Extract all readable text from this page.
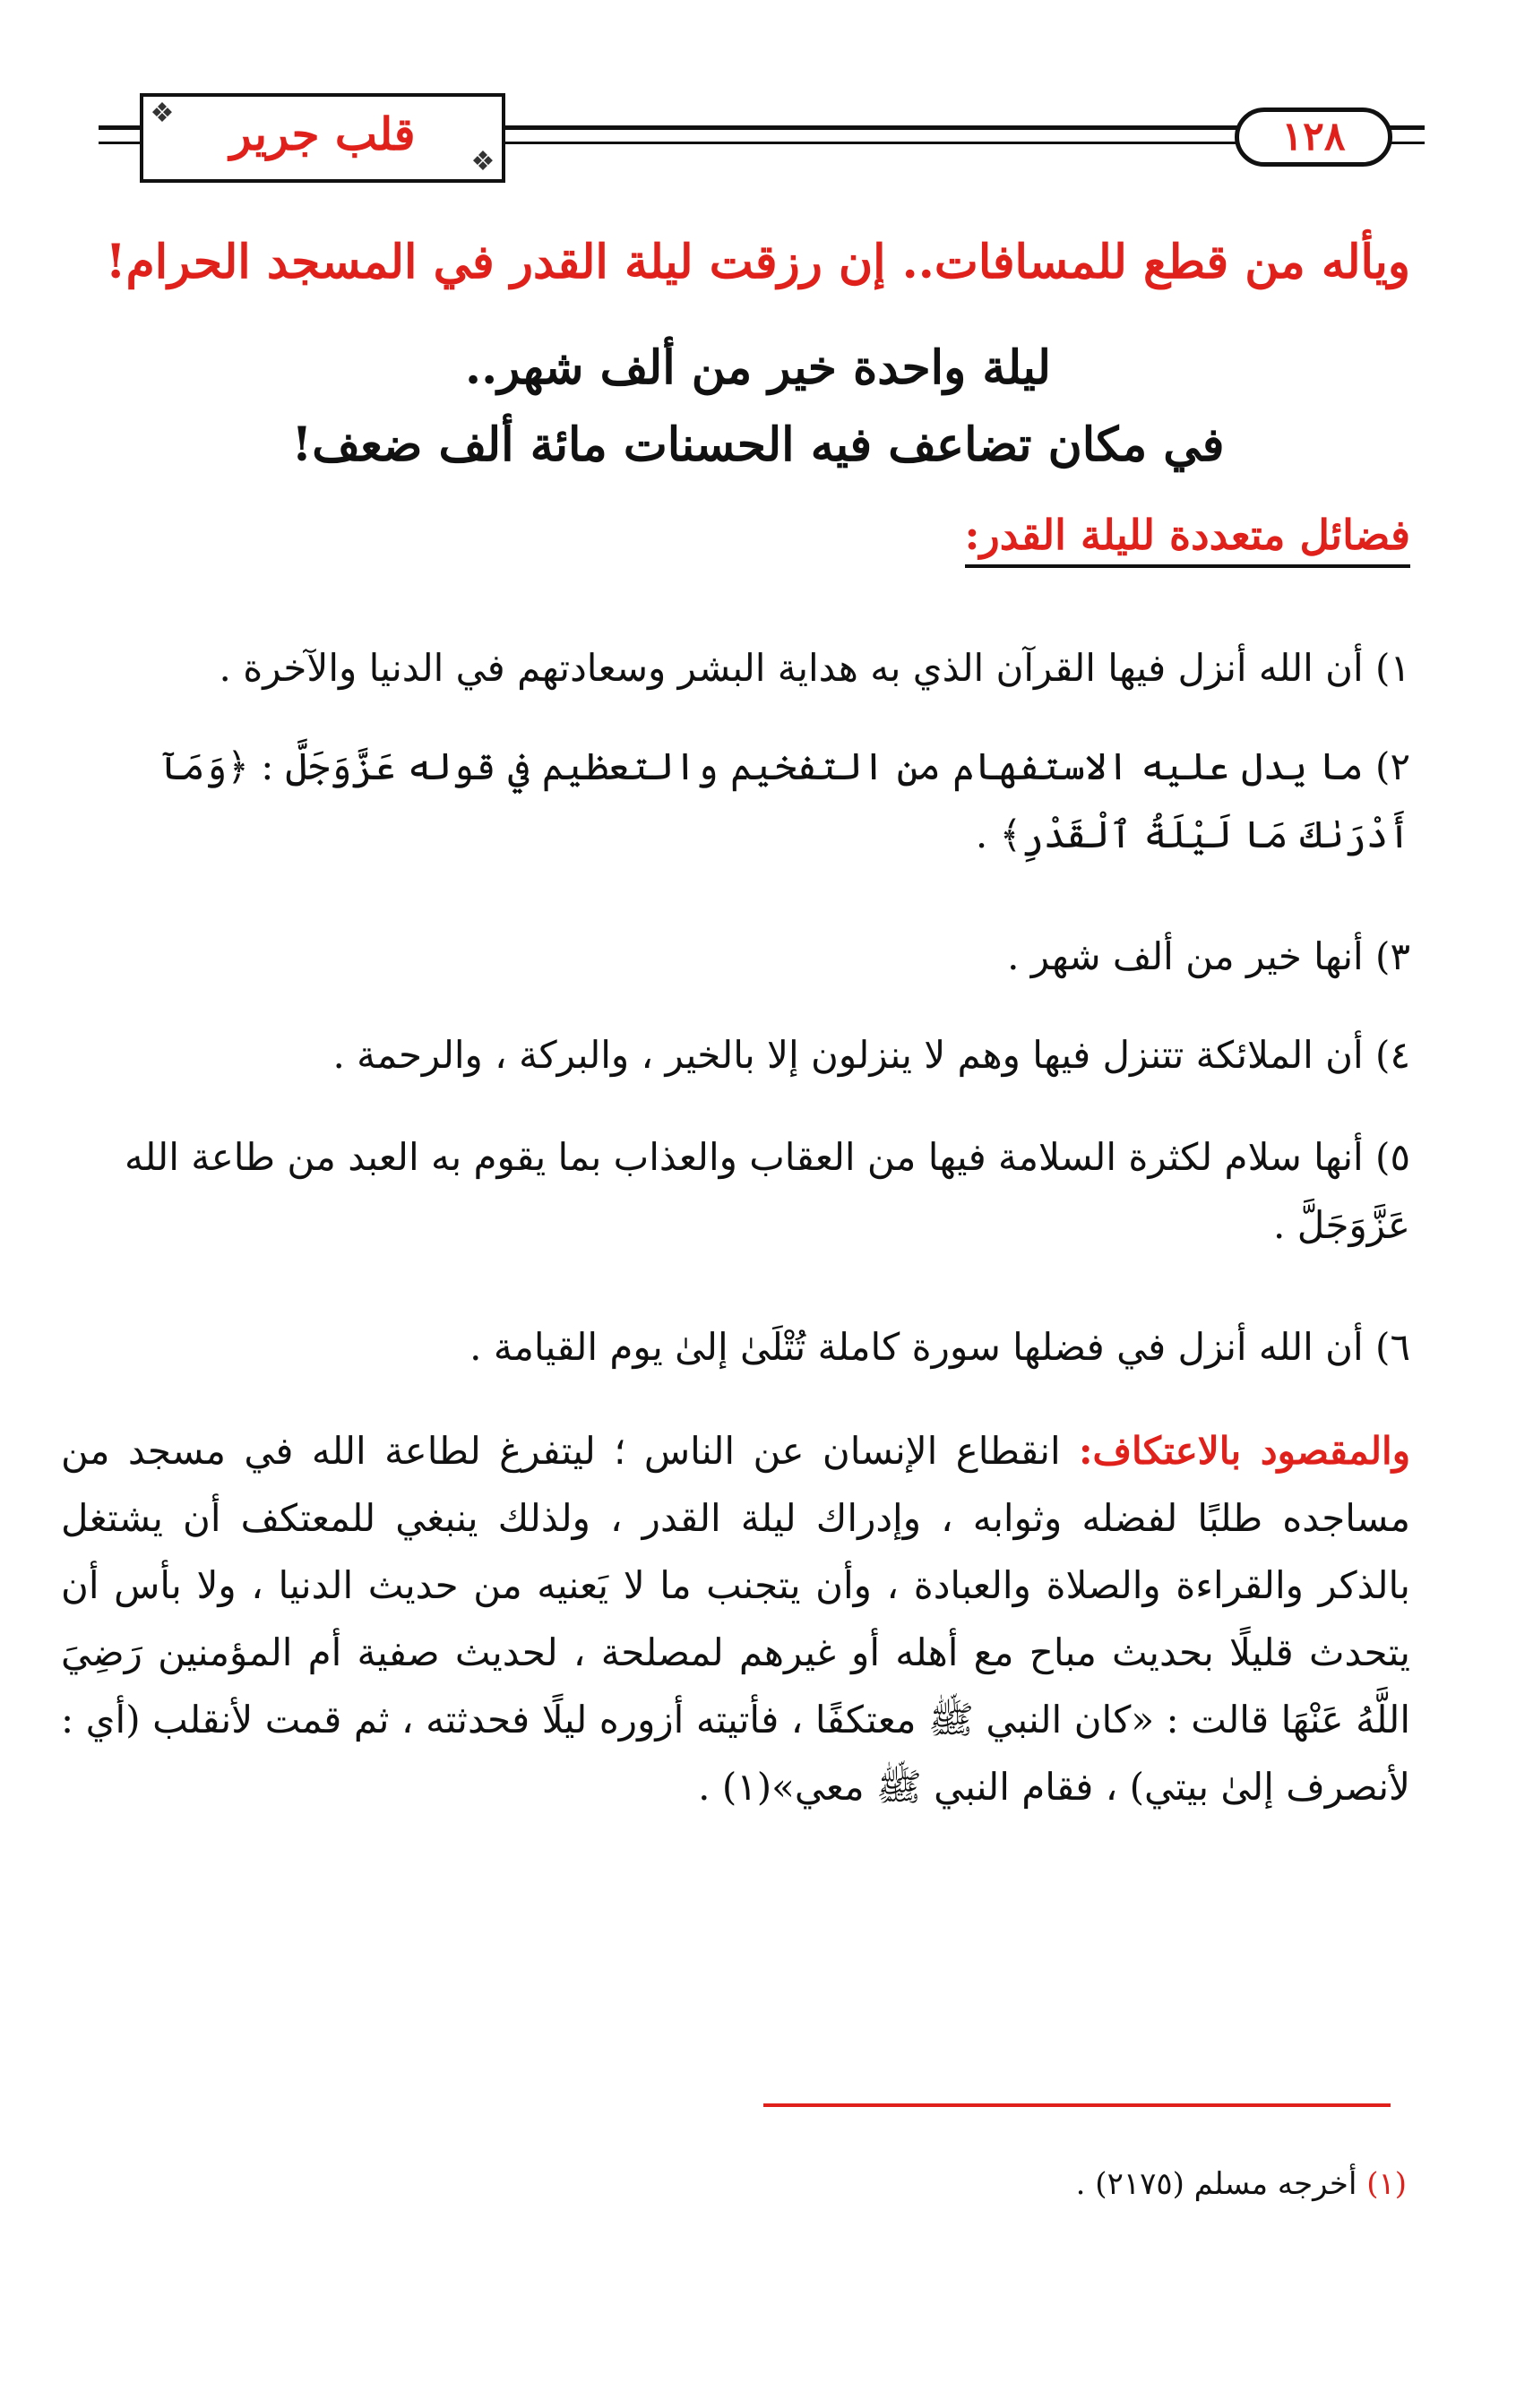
❖
❖
قلب جرير	١٢٨
ويأله من قطع للمسافات.. إن رزقت ليلة القدر في المسجد الحرام!
ليلة واحدة خير من ألف شهر..
في مكان تضاعف فيه الحسنات مائة ألف ضعف!
فضائل متعددة لليلة القدر:
١) أن الله أنزل فيها القرآن الذي به هداية البشر وسعادتهم في الدنيا والآخرة .
٢) ما يدل عليه الاستفهام من التفخيم والتعظيم في قوله عَزَّوَجَلَّ : ﴿وَمَآ أَدْرَىٰكَ مَا لَيْلَةُ ٱلْقَدْرِ﴾ .
٣) أنها خير من ألف شهر .
٤) أن الملائكة تتنزل فيها وهم لا ينزلون إلا بالخير ، والبركة ، والرحمة .
٥) أنها سلام لكثرة السلامة فيها من العقاب والعذاب بما يقوم به العبد من طاعة الله عَزَّوَجَلَّ .
٦) أن الله أنزل في فضلها سورة كاملة تُتْلَىٰ إلىٰ يوم القيامة .
والمقصود بالاعتكاف: انقطاع الإنسان عن الناس ؛ ليتفرغ لطاعة الله في مسجد من مساجده طلبًا لفضله وثوابه ، وإدراك ليلة القدر ، ولذلك ينبغي للمعتكف أن يشتغل بالذكر والقراءة والصلاة والعبادة ، وأن يتجنب ما لا يَعنيه من حديث الدنيا ، ولا بأس أن يتحدث قليلًا بحديث مباح مع أهله أو غيرهم لمصلحة ، لحديث صفية أم المؤمنين رَضِيَ اللَّهُ عَنْهَا قالت : «كان النبي ﷺ معتكفًا ، فأتيته أزوره ليلًا فحدثته ، ثم قمت لأنقلب (أي : لأنصرف إلىٰ بيتي) ، فقام النبي ﷺ معي»(١) .
(١) أخرجه مسلم (٢١٧٥) .
